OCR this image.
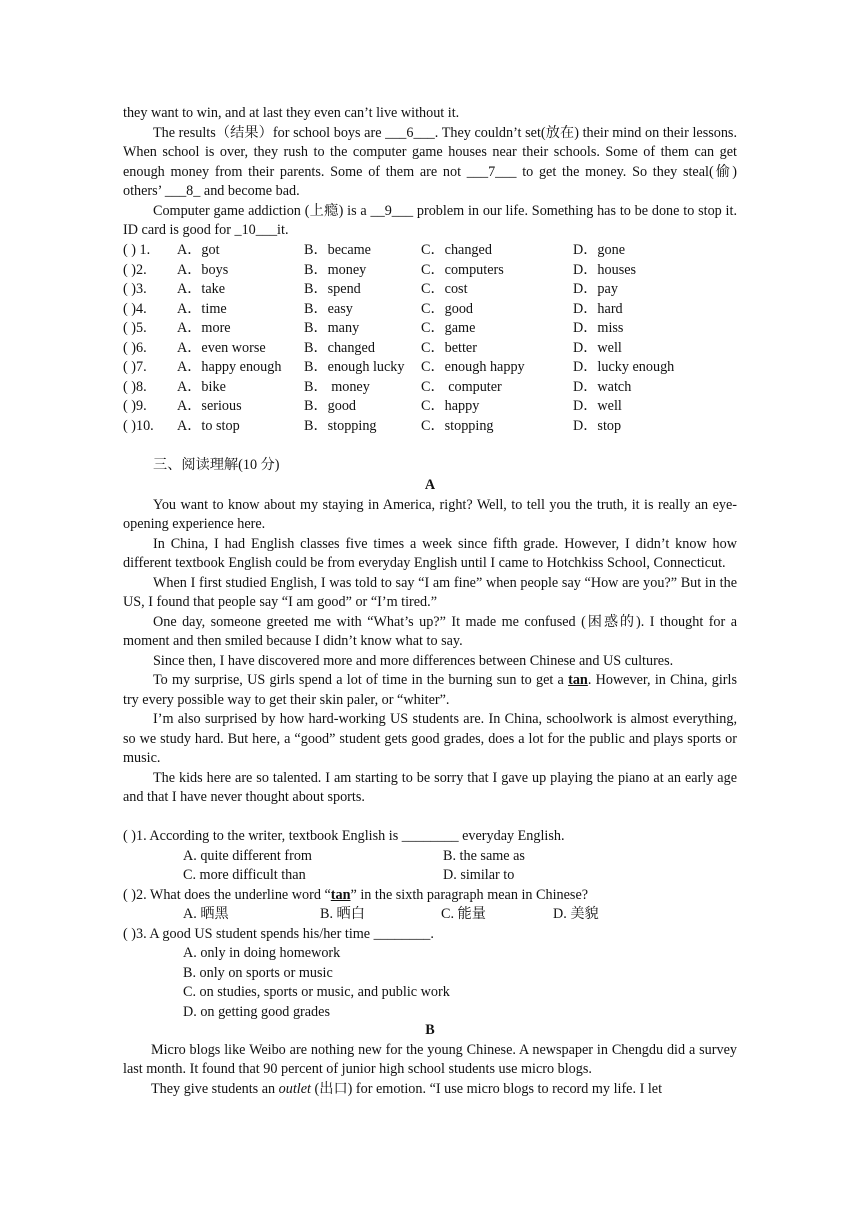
they want to win, and at last they even can’t live without it.

The results（结果）for school boys are ___6___. They couldn’t set(放在) their mind on their lessons. When school is over, they rush to the computer game houses near their schools. Some of them can get enough money from their parents. Some of them are not ___7___ to get the money. So they steal(偷) others’ ___8_ and become bad.

Computer game addiction (上瘾) is a __9___ problem in our life. Something has to be done to stop it. ID card is good for _10___it.

( ) 1. A．got	B．became	C．changed	D．gone
( )2. A．boys	B．money	C．computers	D．houses
( )3. A．take	B．spend	C．cost	D．pay
( )4. A．time	B．easy	C．good	D．hard
( )5. A．more	B．many	C．game	D．miss
( )6. A．even worse	B．changed	C．better	D．well
( )7. A．happy enough B．enough lucky C．enough happy	D．lucky enough
( )8. A．bike	B． money	C． computer	D．watch
( )9. A．serious	B．good	C．happy	D．well
( )10. A．to stop	B．stopping	C．stopping	D．stop

三、阅读理解(10 分)

A

You want to know about my staying in America, right? Well, to tell you the truth, it is really an eye-opening experience here.

In China, I had English classes five times a week since fifth grade. However, I didn’t know how different textbook English could be from everyday English until I came to Hotchkiss School, Connecticut.

When I first studied English, I was told to say “I am fine” when people say “How are you?” But in the US, I found that people say “I am good” or “I’m tired.”

One day, someone greeted me with “What’s up?” It made me confused (困惑的). I thought for a moment and then smiled because I didn’t know what to say.

Since then, I have discovered more and more differences between Chinese and US cultures.

To my surprise, US girls spend a lot of time in the burning sun to get a tan. However, in China, girls try every possible way to get their skin paler, or “whiter”.

I’m also surprised by how hard-working US students are. In China, schoolwork is almost everything, so we study hard. But here, a “good” student gets good grades, does a lot for the public and plays sports or music.

The kids here are so talented. I am starting to be sorry that I gave up playing the piano at an early age and that I have never thought about sports.

( )1. According to the writer, textbook English is ________ everyday English.

A. quite different from	B. the same as
C. more difficult than	D. similar to

( )2. What does the underline word “tan” in the sixth paragraph mean in Chinese?

A. 晒黑	B. 晒白	C. 能量	D. 美貌

( )3. A good US student spends his/her time ________.

A. only in doing homework

B. only on sports or music

C. on studies, sports or music, and public work

D. on getting good grades

B

Micro blogs like Weibo are nothing new for the young Chinese. A newspaper in Chengdu did a survey last month. It found that 90 percent of junior high school students use micro blogs.

They give students an outlet (出口) for emotion. “I use micro blogs to record my life. I let
